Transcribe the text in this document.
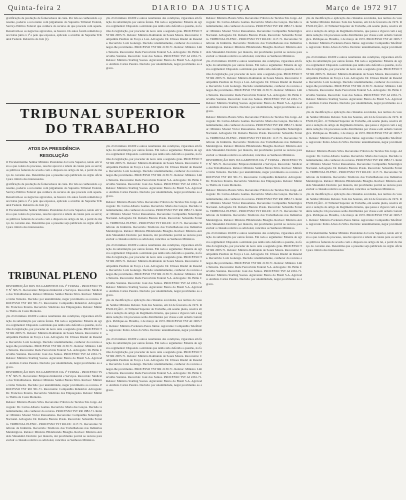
Quinta-feira 2	DIARIO DA JUSTIÇA	Março de 1972 917

gratificação de produção de fornecedores de cana. Por não se conhecendo o presente, poderia o recorrente com julgamento do Supremo Tribunal Federal, Serviço Público Federal que conhece do recurso de que procede com aquele. Ressalvam-se os negócios agravados, se houver. Os autos foram remetidos para baixa junto à 1ª e pelo que expostos, aplicado o acórdão do Supremo Tribunal Federal. Relatório do Juiz (1).

ção civil número 26.000 e outros resultantes das condições, vigorantes em função da substituição por outras fontes. Em todo o argumento: Ementa do agravo regimental: Dispondo a entidade que tenha sido deferida a questão, na forma da legislação, por proceder de novo ante o segundo grau. PROCESSO TST RR 2003-71. Relator: Ministro Raimundo de Souza Moura. Recorrente: Companhia Paulista de Força e Luz. Advogado: Dr. Ulisses Riedel de Resende. Recorrido: Luiz Gonzaga. Decisão: unanimemente, conhecer do recurso e negar-lhe provimento. PROCESSO TST RR 2130-71. Relator: Ministro Lima Teixeira. Recorrente: Rede Ferroviária Federal S.A. Advogado: Dr. Hélio Carvalho Santana. Recorrido: José dos Santos. PROCESSO TST AI 2261-71. Relator: Ministro Starling Soares. Agravante: Banco do Brasil S.A. Agravado: Antônio Carlos Pereira. Decisão: por unanimidade, negar provimento ao agravo.

TRIBUNAL SUPERIOR
DO TRABALHO
ATOS DA PRESIDÊNCIA
RESOLUÇÃO

O Excelentíssimo Senhor Ministro Presidente da Corte Superior, tendo em vista o que consta do processo, resolve aprovar a tabela de custas para os serviços públicos federais de acordo com o disposto no artigo da lei, a partir de março do corrente ano. Determina que o presente seja publicado no órgão oficial para ciência dos interessados.

gratificação de produção de fornecedores de cana. Por não se conhecendo o presente, poderia o recorrente com julgamento do Supremo Tribunal Federal, Serviço Público Federal que conhece do recurso de que procede com aquele. Ressalvam-se os negócios agravados, se houver. Os autos foram remetidos para baixa junto à 1ª e pelo que expostos, aplicado o acórdão do Supremo Tribunal Federal. Relatório do Juiz (1).

O Excelentíssimo Senhor Ministro Presidente da Corte Superior, tendo em vista o que consta do processo, resolve aprovar a tabela de custas para os serviços públicos federais de acordo com o disposto no artigo da lei, a partir de março do corrente ano. Determina que o presente seja publicado no órgão oficial para ciência dos interessados.

TRIBUNAL PLENO

DISTRIBUIÇÃO DOS JULGAMENTOS DA 1ª TURMA - PROCESSO TST Nº 365-71. Recorrente: Empresa Industrial e Serviços. Recorrido: Sindicato dos Trabalhadores. Relator: Ministro Senhor Barata Silva. Revisor: Ministro Lima Teixeira. Decisão: por unanimidade, negar provimento ao recurso. PROCESSO TST RO 301-71. Recorrente: Companhia Industrial. Advogado: Dr. Francisco Pereira. Recorrido: Sindicato dos Empregados. Relator: Ministro Thélio da Costa Monteiro.

ção civil número 26.000 e outros resultantes das condições, vigorantes em função da substituição por outras fontes. Em todo o argumento: Ementa do agravo regimental: Dispondo a entidade que tenha sido deferida a questão, na forma da legislação, por proceder de novo ante o segundo grau. PROCESSO TST RR 2003-71. Relator: Ministro Raimundo de Souza Moura. Recorrente: Companhia Paulista de Força e Luz. Advogado: Dr. Ulisses Riedel de Resende. Recorrido: Luiz Gonzaga. Decisão: unanimemente, conhecer do recurso e negar-lhe provimento. PROCESSO TST RR 2130-71. Relator: Ministro Lima Teixeira. Recorrente: Rede Ferroviária Federal S.A. Advogado: Dr. Hélio Carvalho Santana. Recorrido: José dos Santos. PROCESSO TST AI 2261-71. Relator: Ministro Starling Soares. Agravante: Banco do Brasil S.A. Agravado: Antônio Carlos Pereira. Decisão: por unanimidade, negar provimento ao agravo.

DISTRIBUIÇÃO DOS JULGAMENTOS DA 1ª TURMA - PROCESSO TST Nº 365-71. Recorrente: Empresa Industrial e Serviços. Recorrido: Sindicato dos Trabalhadores. Relator: Ministro Senhor Barata Silva. Revisor: Ministro Lima Teixeira. Decisão: por unanimidade, negar provimento ao recurso. PROCESSO TST RO 301-71. Recorrente: Companhia Industrial. Advogado: Dr. Francisco Pereira. Recorrido: Sindicato dos Empregados. Relator: Ministro Thélio da Costa Monteiro.

Relator: Ministro Barata Silva. Recorrente: Fábrica de Tecidos São Jorge. Advogado: Dr. Carlos Alberto Gomes. Recorrido: Maria das Graças. Decisão: unanimemente, não conhecer do recurso. PROCESSO TST RR 1882-71. Relator: Ministro Mozart Victor Russomano. Recorrente: Companhia Siderúrgica Nacional. Advogado: Dr. Roberto Barreto Prado. Recorrido: Sebastião Ferreira. TRIBUNAL PLENO - PROCESSO TST RO-DC 1117-71. Recorrente: Sindicato da Indústria. Recorrido: Sindicato dos Trabalhadores nas Indústrias Metalúrgicas. Relator: Ministro Hildebrando Bisaglia. Revisor: Ministro Arnaldo Süssekind. Decisão: por maioria, dar provimento parcial ao recurso para excluir a cláusula relativa ao adicional, vencidos os Senhores Ministros.

ção civil número 26.000 e outros resultantes das condições, vigorantes em função da substituição por outras fontes. Em todo o argumento: Ementa do agravo regimental: Dispondo a entidade que tenha sido deferida a questão, na forma da legislação, por proceder de novo ante o segundo grau. PROCESSO TST RR 2003-71. Relator: Ministro Raimundo de Souza Moura. Recorrente: Companhia Paulista de Força e Luz. Advogado: Dr. Ulisses Riedel de Resende. Recorrido: Luiz Gonzaga. Decisão: unanimemente, conhecer do recurso e negar-lhe provimento. PROCESSO TST RR 2130-71. Relator: Ministro Lima Teixeira. Recorrente: Rede Ferroviária Federal S.A. Advogado: Dr. Hélio Carvalho Santana. Recorrido: José dos Santos. PROCESSO TST AI 2261-71. Relator: Ministro Starling Soares. Agravante: Banco do Brasil S.A. Agravado: Antônio Carlos Pereira. Decisão: por unanimidade, negar provimento ao agravo.

Relator: Ministro Barata Silva. Recorrente: Fábrica de Tecidos São Jorge. Advogado: Dr. Carlos Alberto Gomes. Recorrido: Maria das Graças. Decisão: unanimemente, não conhecer do recurso. PROCESSO TST RR 1882-71. Relator: Ministro Mozart Victor Russomano. Recorrente: Companhia Siderúrgica Nacional. Advogado: Dr. Roberto Barreto Prado. Recorrido: Sebastião Ferreira. TRIBUNAL PLENO - PROCESSO TST RO-DC 1117-71. Recorrente: Sindicato da Indústria. Recorrido: Sindicato dos Trabalhadores nas Indústrias Metalúrgicas. Relator: Ministro Hildebrando Bisaglia. Revisor: Ministro Arnaldo Süssekind. Decisão: por maioria, dar provimento parcial ao recurso para excluir a cláusula relativa ao adicional, vencidos os Senhores Ministros.

ção civil número 26.000 e outros resultantes das condições, vigorantes em função da substituição por outras fontes. Em todo o argumento: Ementa do agravo regimental: Dispondo a entidade que tenha sido deferida a questão, na forma da legislação, por proceder de novo ante o segundo grau. PROCESSO TST RR 2003-71. Relator: Ministro Raimundo de Souza Moura. Recorrente: Companhia Paulista de Força e Luz. Advogado: Dr. Ulisses Riedel de Resende. Recorrido: Luiz Gonzaga. Decisão: unanimemente, conhecer do recurso e negar-lhe provimento. PROCESSO TST RR 2130-71. Relator: Ministro Lima Teixeira. Recorrente: Rede Ferroviária Federal S.A. Advogado: Dr. Hélio Carvalho Santana. Recorrido: José dos Santos. PROCESSO TST AI 2261-71. Relator: Ministro Starling Soares. Agravante: Banco do Brasil S.A. Agravado: Antônio Carlos Pereira. Decisão: por unanimidade, negar provimento ao agravo.

ção de modificação e aplicação das cláusulas acordadas, nos termos do voto do Senhor Ministro Relator. Sala das Sessões, em 24 de fevereiro de 1972. RESOLUÇÃO - O Tribunal Superior do Trabalho, em sessão plena, resolve alterar a redação do artigo do Regimento Interno, que passa a vigorar com a seguinte redação: Os processos serão distribuídos por classe e em ordem cronológica. Publique-se. Brasília, 1 de março de 1972. PROCESSO TST AI 1963-71. Relator: Ministro Fortunato Peres Júnior. Agravante: Companhia Telefônica. Agravado: Pedro Alves da Silva. Decisão: unanimemente, negar provimento.

ção civil número 26.000 e outros resultantes das condições, vigorantes em função da substituição por outras fontes. Em todo o argumento: Ementa do agravo regimental: Dispondo a entidade que tenha sido deferida a questão, na forma da legislação, por proceder de novo ante o segundo grau. PROCESSO TST RR 2003-71. Relator: Ministro Raimundo de Souza Moura. Recorrente: Companhia Paulista de Força e Luz. Advogado: Dr. Ulisses Riedel de Resende. Recorrido: Luiz Gonzaga. Decisão: unanimemente, conhecer do recurso e negar-lhe provimento. PROCESSO TST RR 2130-71. Relator: Ministro Lima Teixeira. Recorrente: Rede Ferroviária Federal S.A. Advogado: Dr. Hélio Carvalho Santana. Recorrido: José dos Santos. PROCESSO TST AI 2261-71. Relator: Ministro Starling Soares. Agravante: Banco do Brasil S.A. Agravado: Antônio Carlos Pereira. Decisão: por unanimidade, negar provimento ao agravo.

Relator: Ministro Barata Silva. Recorrente: Fábrica de Tecidos São Jorge. Advogado: Dr. Carlos Alberto Gomes. Recorrido: Maria das Graças. Decisão: unanimemente, não conhecer do recurso. PROCESSO TST RR 1882-71. Relator: Ministro Mozart Victor Russomano. Recorrente: Companhia Siderúrgica Nacional. Advogado: Dr. Roberto Barreto Prado. Recorrido: Sebastião Ferreira. TRIBUNAL PLENO - PROCESSO TST RO-DC 1117-71. Recorrente: Sindicato da Indústria. Recorrido: Sindicato dos Trabalhadores nas Indústrias Metalúrgicas. Relator: Ministro Hildebrando Bisaglia. Revisor: Ministro Arnaldo Süssekind. Decisão: por maioria, dar provimento parcial ao recurso para excluir a cláusula relativa ao adicional, vencidos os Senhores Ministros.

ção civil número 26.000 e outros resultantes das condições, vigorantes em função da substituição por outras fontes. Em todo o argumento: Ementa do agravo regimental: Dispondo a entidade que tenha sido deferida a questão, na forma da legislação, por proceder de novo ante o segundo grau. PROCESSO TST RR 2003-71. Relator: Ministro Raimundo de Souza Moura. Recorrente: Companhia Paulista de Força e Luz. Advogado: Dr. Ulisses Riedel de Resende. Recorrido: Luiz Gonzaga. Decisão: unanimemente, conhecer do recurso e negar-lhe provimento. PROCESSO TST RR 2130-71. Relator: Ministro Lima Teixeira. Recorrente: Rede Ferroviária Federal S.A. Advogado: Dr. Hélio Carvalho Santana. Recorrido: José dos Santos. PROCESSO TST AI 2261-71. Relator: Ministro Starling Soares. Agravante: Banco do Brasil S.A. Agravado: Antônio Carlos Pereira. Decisão: por unanimidade, negar provimento ao agravo.

Relator: Ministro Barata Silva. Recorrente: Fábrica de Tecidos São Jorge. Advogado: Dr. Carlos Alberto Gomes. Recorrido: Maria das Graças. Decisão: unanimemente, não conhecer do recurso. PROCESSO TST RR 1882-71. Relator: Ministro Mozart Victor Russomano. Recorrente: Companhia Siderúrgica Nacional. Advogado: Dr. Roberto Barreto Prado. Recorrido: Sebastião Ferreira. TRIBUNAL PLENO - PROCESSO TST RO-DC 1117-71. Recorrente: Sindicato da Indústria. Recorrido: Sindicato dos Trabalhadores nas Indústrias Metalúrgicas. Relator: Ministro Hildebrando Bisaglia. Revisor: Ministro Arnaldo Süssekind. Decisão: por maioria, dar provimento parcial ao recurso para excluir a cláusula relativa ao adicional, vencidos os Senhores Ministros.

DISTRIBUIÇÃO DOS JULGAMENTOS DA 1ª TURMA - PROCESSO TST Nº 365-71. Recorrente: Empresa Industrial e Serviços. Recorrido: Sindicato dos Trabalhadores. Relator: Ministro Senhor Barata Silva. Revisor: Ministro Lima Teixeira. Decisão: por unanimidade, negar provimento ao recurso. PROCESSO TST RO 301-71. Recorrente: Companhia Industrial. Advogado: Dr. Francisco Pereira. Recorrido: Sindicato dos Empregados. Relator: Ministro Thélio da Costa Monteiro.

Relator: Ministro Barata Silva. Recorrente: Fábrica de Tecidos São Jorge. Advogado: Dr. Carlos Alberto Gomes. Recorrido: Maria das Graças. Decisão: unanimemente, não conhecer do recurso. PROCESSO TST RR 1882-71. Relator: Ministro Mozart Victor Russomano. Recorrente: Companhia Siderúrgica Nacional. Advogado: Dr. Roberto Barreto Prado. Recorrido: Sebastião Ferreira. TRIBUNAL PLENO - PROCESSO TST RO-DC 1117-71. Recorrente: Sindicato da Indústria. Recorrido: Sindicato dos Trabalhadores nas Indústrias Metalúrgicas. Relator: Ministro Hildebrando Bisaglia. Revisor: Ministro Arnaldo Süssekind. Decisão: por maioria, dar provimento parcial ao recurso para excluir a cláusula relativa ao adicional, vencidos os Senhores Ministros.

ção civil número 26.000 e outros resultantes das condições, vigorantes em função da substituição por outras fontes. Em todo o argumento: Ementa do agravo regimental: Dispondo a entidade que tenha sido deferida a questão, na forma da legislação, por proceder de novo ante o segundo grau. PROCESSO TST RR 2003-71. Relator: Ministro Raimundo de Souza Moura. Recorrente: Companhia Paulista de Força e Luz. Advogado: Dr. Ulisses Riedel de Resende. Recorrido: Luiz Gonzaga. Decisão: unanimemente, conhecer do recurso e negar-lhe provimento. PROCESSO TST RR 2130-71. Relator: Ministro Lima Teixeira. Recorrente: Rede Ferroviária Federal S.A. Advogado: Dr. Hélio Carvalho Santana. Recorrido: José dos Santos. PROCESSO TST AI 2261-71. Relator: Ministro Starling Soares. Agravante: Banco do Brasil S.A. Agravado: Antônio Carlos Pereira. Decisão: por unanimidade, negar provimento ao agravo.

ção de modificação e aplicação das cláusulas acordadas, nos termos do voto do Senhor Ministro Relator. Sala das Sessões, em 24 de fevereiro de 1972. RESOLUÇÃO - O Tribunal Superior do Trabalho, em sessão plena, resolve alterar a redação do artigo do Regimento Interno, que passa a vigorar com a seguinte redação: Os processos serão distribuídos por classe e em ordem cronológica. Publique-se. Brasília, 1 de março de 1972. PROCESSO TST AI 1963-71. Relator: Ministro Fortunato Peres Júnior. Agravante: Companhia Telefônica. Agravado: Pedro Alves da Silva. Decisão: unanimemente, negar provimento.

ção civil número 26.000 e outros resultantes das condições, vigorantes em função da substituição por outras fontes. Em todo o argumento: Ementa do agravo regimental: Dispondo a entidade que tenha sido deferida a questão, na forma da legislação, por proceder de novo ante o segundo grau. PROCESSO TST RR 2003-71. Relator: Ministro Raimundo de Souza Moura. Recorrente: Companhia Paulista de Força e Luz. Advogado: Dr. Ulisses Riedel de Resende. Recorrido: Luiz Gonzaga. Decisão: unanimemente, conhecer do recurso e negar-lhe provimento. PROCESSO TST RR 2130-71. Relator: Ministro Lima Teixeira. Recorrente: Rede Ferroviária Federal S.A. Advogado: Dr. Hélio Carvalho Santana. Recorrido: José dos Santos. PROCESSO TST AI 2261-71. Relator: Ministro Starling Soares. Agravante: Banco do Brasil S.A. Agravado: Antônio Carlos Pereira. Decisão: por unanimidade, negar provimento ao agravo.

ção de modificação e aplicação das cláusulas acordadas, nos termos do voto do Senhor Ministro Relator. Sala das Sessões, em 24 de fevereiro de 1972. RESOLUÇÃO - O Tribunal Superior do Trabalho, em sessão plena, resolve alterar a redação do artigo do Regimento Interno, que passa a vigorar com a seguinte redação: Os processos serão distribuídos por classe e em ordem cronológica. Publique-se. Brasília, 1 de março de 1972. PROCESSO TST AI 1963-71. Relator: Ministro Fortunato Peres Júnior. Agravante: Companhia Telefônica. Agravado: Pedro Alves da Silva. Decisão: unanimemente, negar provimento.

Relator: Ministro Barata Silva. Recorrente: Fábrica de Tecidos São Jorge. Advogado: Dr. Carlos Alberto Gomes. Recorrido: Maria das Graças. Decisão: unanimemente, não conhecer do recurso. PROCESSO TST RR 1882-71. Relator: Ministro Mozart Victor Russomano. Recorrente: Companhia Siderúrgica Nacional. Advogado: Dr. Roberto Barreto Prado. Recorrido: Sebastião Ferreira. TRIBUNAL PLENO - PROCESSO TST RO-DC 1117-71. Recorrente: Sindicato da Indústria. Recorrido: Sindicato dos Trabalhadores nas Indústrias Metalúrgicas. Relator: Ministro Hildebrando Bisaglia. Revisor: Ministro Arnaldo Süssekind. Decisão: por maioria, dar provimento parcial ao recurso para excluir a cláusula relativa ao adicional, vencidos os Senhores Ministros.

ção de modificação e aplicação das cláusulas acordadas, nos termos do voto do Senhor Ministro Relator. Sala das Sessões, em 24 de fevereiro de 1972. RESOLUÇÃO - O Tribunal Superior do Trabalho, em sessão plena, resolve alterar a redação do artigo do Regimento Interno, que passa a vigorar com a seguinte redação: Os processos serão distribuídos por classe e em ordem cronológica. Publique-se. Brasília, 1 de março de 1972. PROCESSO TST AI 1963-71. Relator: Ministro Fortunato Peres Júnior. Agravante: Companhia Telefônica. Agravado: Pedro Alves da Silva. Decisão: unanimemente, negar provimento.

O Excelentíssimo Senhor Ministro Presidente da Corte Superior, tendo em vista o que consta do processo, resolve aprovar a tabela de custas para os serviços públicos federais de acordo com o disposto no artigo da lei, a partir de março do corrente ano. Determina que o presente seja publicado no órgão oficial para ciência dos interessados.
